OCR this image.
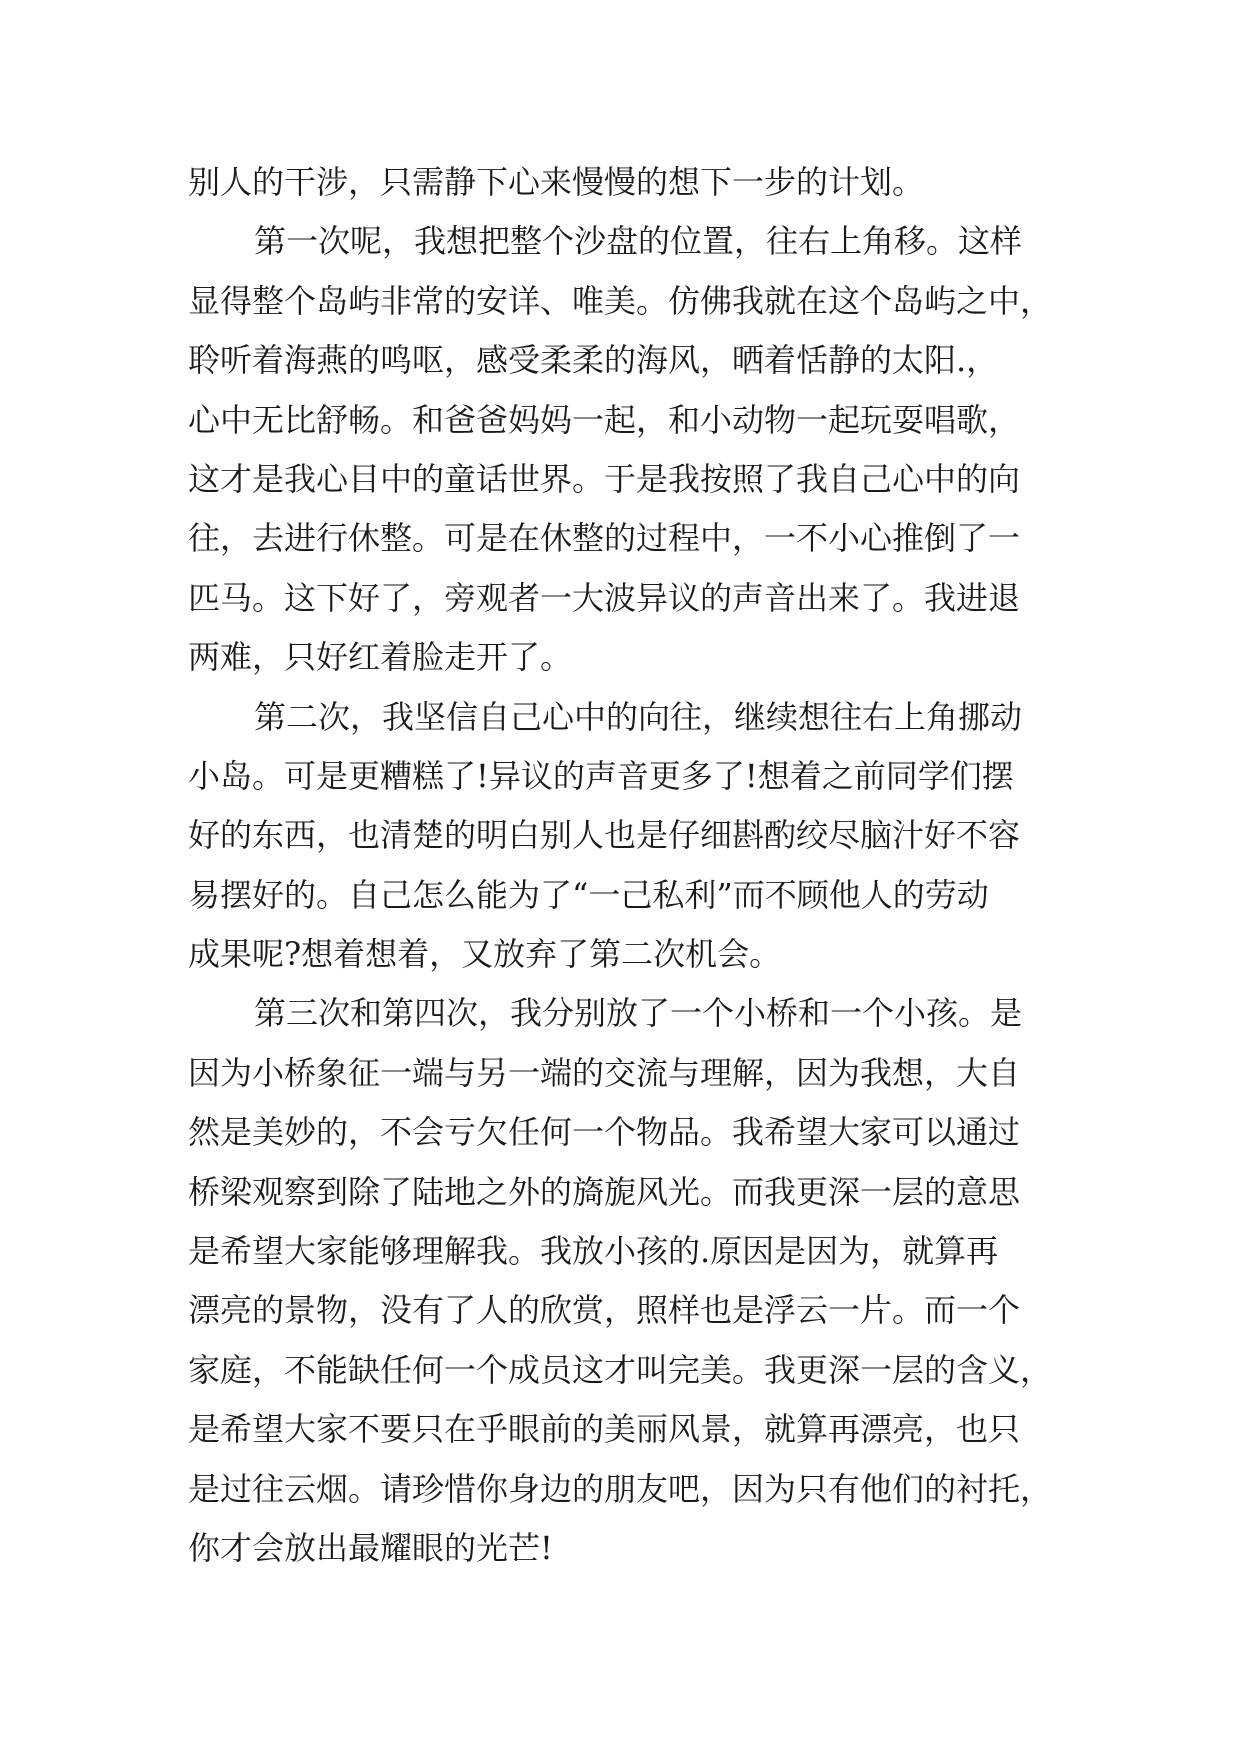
别人的干涉，只需静下心来慢慢的想下一步的计划。
第一次呢，我想把整个沙盘的位置，往右上角移。这样
显得整个岛屿非常的安详、唯美。仿佛我就在这个岛屿之中，
聆听着海燕的鸣呕，感受柔柔的海风，晒着恬静的太阳.，
心中无比舒畅。和爸爸妈妈一起，和小动物一起玩耍唱歌，
这才是我心目中的童话世界。于是我按照了我自己心中的向
往，去进行休整。可是在休整的过程中，一不小心推倒了一
匹马。这下好了，旁观者一大波异议的声音出来了。我进退
两难，只好红着脸走开了。
第二次，我坚信自己心中的向往，继续想往右上角挪动
小岛。可是更糟糕了!异议的声音更多了!想着之前同学们摆
好的东西，也清楚的明白别人也是仔细斟酌绞尽脑汁好不容
易摆好的。自己怎么能为了“一己私利”而不顾他人的劳动
成果呢?想着想着，又放弃了第二次机会。
第三次和第四次，我分别放了一个小桥和一个小孩。是
因为小桥象征一端与另一端的交流与理解，因为我想，大自
然是美妙的，不会亏欠任何一个物品。我希望大家可以通过
桥梁观察到除了陆地之外的旖旎风光。而我更深一层的意思
是希望大家能够理解我。我放小孩的.原因是因为，就算再
漂亮的景物，没有了人的欣赏，照样也是浮云一片。而一个
家庭，不能缺任何一个成员这才叫完美。我更深一层的含义，
是希望大家不要只在乎眼前的美丽风景，就算再漂亮，也只
是过往云烟。请珍惜你身边的朋友吧，因为只有他们的衬托，
你才会放出最耀眼的光芒!
